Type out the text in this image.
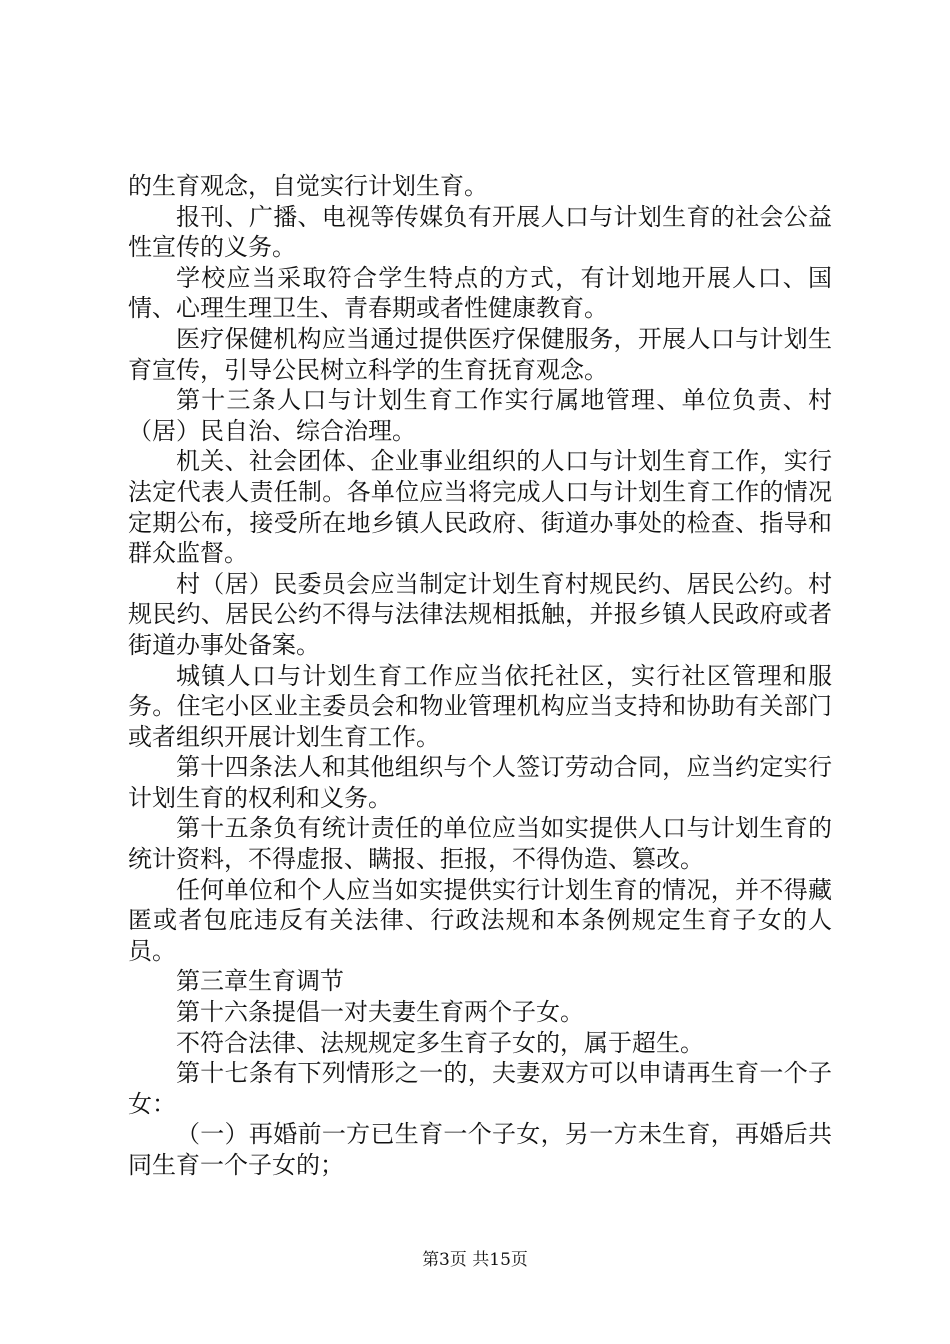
的生育观念，自觉实行计划生育。

报刊、广播、电视等传媒负有开展人口与计划生育的社会公益性宣传的义务。

学校应当采取符合学生特点的方式，有计划地开展人口、国情、心理生理卫生、青春期或者性健康教育。

医疗保健机构应当通过提供医疗保健服务，开展人口与计划生育宣传，引导公民树立科学的生育抚育观念。

第十三条人口与计划生育工作实行属地管理、单位负责、村（居）民自治、综合治理。

机关、社会团体、企业事业组织的人口与计划生育工作，实行法定代表人责任制。各单位应当将完成人口与计划生育工作的情况定期公布，接受所在地乡镇人民政府、街道办事处的检查、指导和群众监督。

村（居）民委员会应当制定计划生育村规民约、居民公约。村规民约、居民公约不得与法律法规相抵触，并报乡镇人民政府或者街道办事处备案。

城镇人口与计划生育工作应当依托社区，实行社区管理和服务。住宅小区业主委员会和物业管理机构应当支持和协助有关部门或者组织开展计划生育工作。

第十四条法人和其他组织与个人签订劳动合同，应当约定实行计划生育的权利和义务。

第十五条负有统计责任的单位应当如实提供人口与计划生育的统计资料，不得虚报、瞒报、拒报，不得伪造、篡改。

任何单位和个人应当如实提供实行计划生育的情况，并不得藏匿或者包庇违反有关法律、行政法规和本条例规定生育子女的人员。

第三章生育调节

第十六条提倡一对夫妻生育两个子女。

不符合法律、法规规定多生育子女的，属于超生。

第十七条有下列情形之一的，夫妻双方可以申请再生育一个子女：

（一）再婚前一方已生育一个子女，另一方未生育，再婚后共同生育一个子女的；

第3页 共15页
